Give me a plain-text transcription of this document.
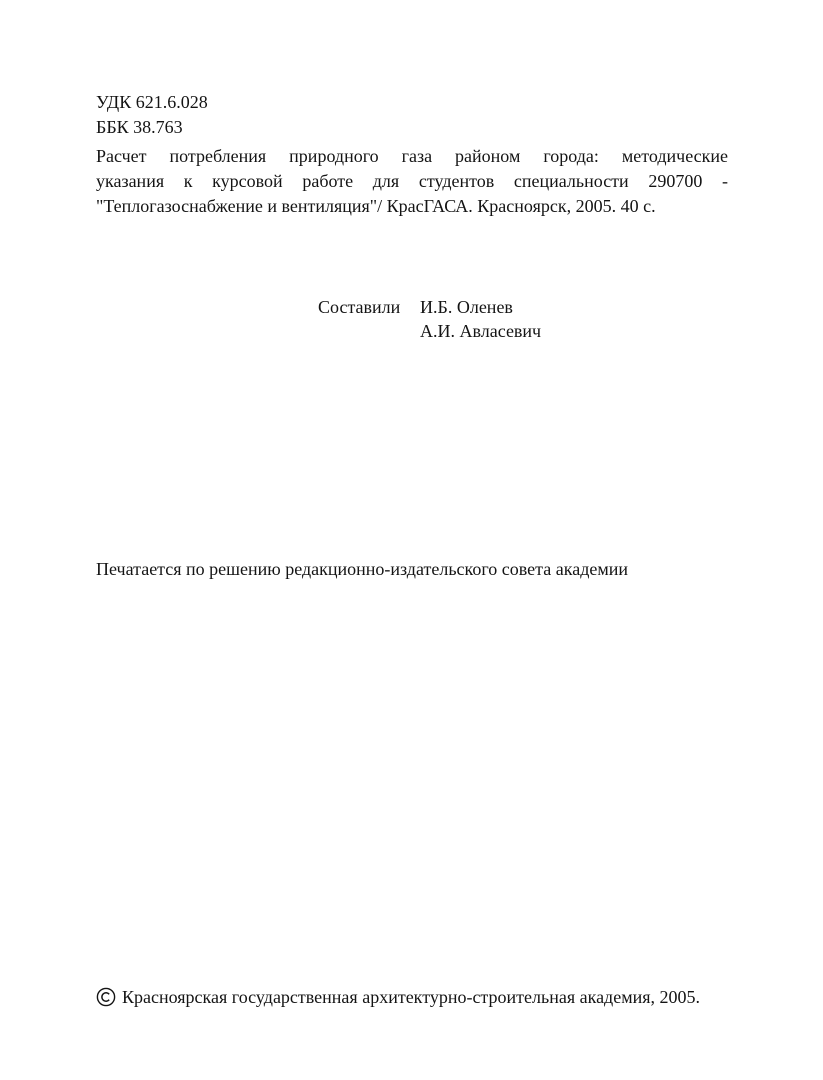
УДК 621.6.028
ББК 38.763
Расчет потребления природного газа районом города: методические
указания к курсовой работе для студентов специальности 290700 -
"Теплогазоснабжение и вентиляция"/ КрасГАСА. Красноярск, 2005. 40 с.
Составили И.Б. Оленев
А.И. Авласевич
Печатается по решению редакционно-издательского совета академии
Красноярская государственная архитектурно-строительная академия, 2005.
